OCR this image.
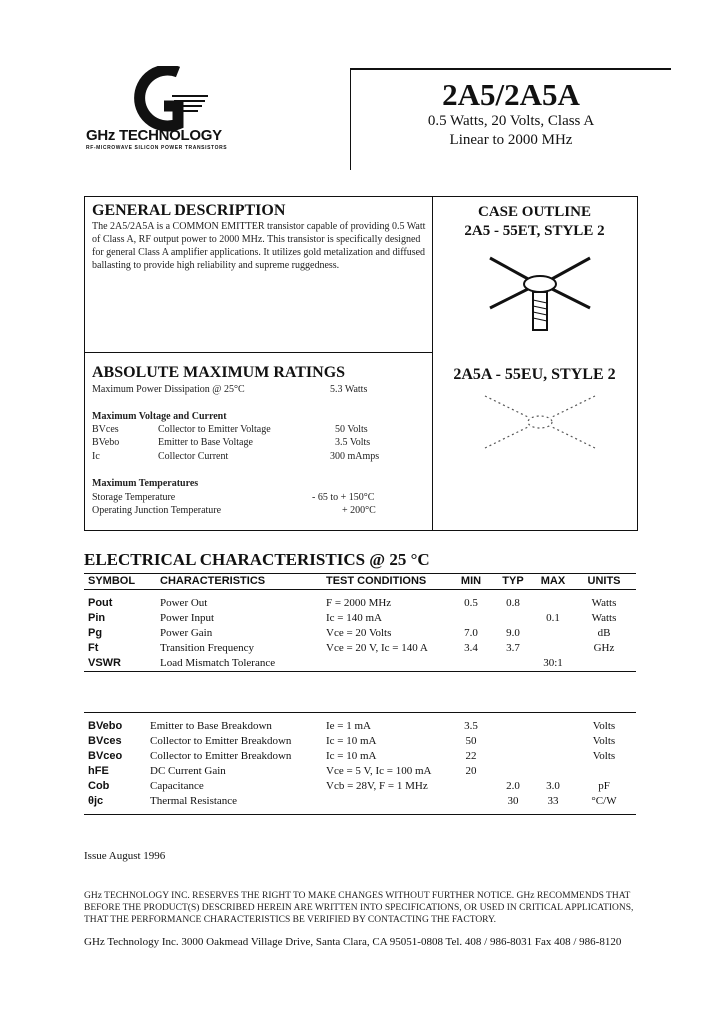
GHz TECHNOLOGY
RF-MICROWAVE SILICON POWER TRANSISTORS
2A5/2A5A
0.5 Watts, 20 Volts, Class A
Linear to 2000 MHz
GENERAL DESCRIPTION
The 2A5/2A5A is a COMMON EMITTER transistor capable of providing 0.5 Watt of Class A, RF output power to 2000 MHz. This transistor is specifically designed for general Class A amplifier applications. It utilizes gold metalization and diffused ballasting to provide high reliability and supreme ruggedness.
CASE OUTLINE
2A5 - 55ET, STYLE 2
2A5A - 55EU, STYLE 2
ABSOLUTE MAXIMUM RATINGS
Maximum Power Dissipation @ 25°C	5.3 Watts
Maximum Voltage and Current
BVces	Collector to Emitter Voltage	50 Volts
BVebo	Emitter to Base Voltage	3.5 Volts
Ic	Collector Current	300 mAmps
Maximum Temperatures
Storage Temperature	- 65 to + 150°C
Operating Junction Temperature	+ 200°C
ELECTRICAL CHARACTERISTICS @ 25 °C
SYMBOL	CHARACTERISTICS	TEST CONDITIONS	MIN	TYP	MAX	UNITS

Pout	Power Out	F = 2000 MHz	0.5	0.8		Watts
Pin	Power Input	Ic = 140 mA			0.1	Watts
Pg	Power Gain	Vce = 20 Volts	7.0	9.0		dB
Ft	Transition Frequency	Vce = 20 V, Ic = 140 A	3.4	3.7		GHz
VSWR	Load Mismatch Tolerance				30:1	

BVebo	Emitter to Base Breakdown	Ie = 1 mA	3.5			Volts
BVces	Collector to Emitter Breakdown	Ic = 10 mA	50			Volts
BVceo	Collector to Emitter Breakdown	Ic = 10 mA	22			Volts
hFE	DC Current Gain	Vce = 5 V, Ic = 100 mA	20			
Cob	Capacitance	Vcb = 28V, F = 1 MHz		2.0	3.0	pF
θjc	Thermal Resistance			30	33	°C/W

Issue August 1996
GHz TECHNOLOGY INC. RESERVES THE RIGHT TO MAKE CHANGES WITHOUT FURTHER NOTICE. GHz RECOMMENDS THAT BEFORE THE PRODUCT(S) DESCRIBED HEREIN ARE WRITTEN INTO SPECIFICATIONS, OR USED IN CRITICAL APPLICATIONS, THAT THE PERFORMANCE CHARACTERISTICS BE VERIFIED BY CONTACTING THE FACTORY.
GHz Technology Inc. 3000 Oakmead Village Drive, Santa Clara, CA 95051-0808 Tel. 408 / 986-8031 Fax 408 / 986-8120
